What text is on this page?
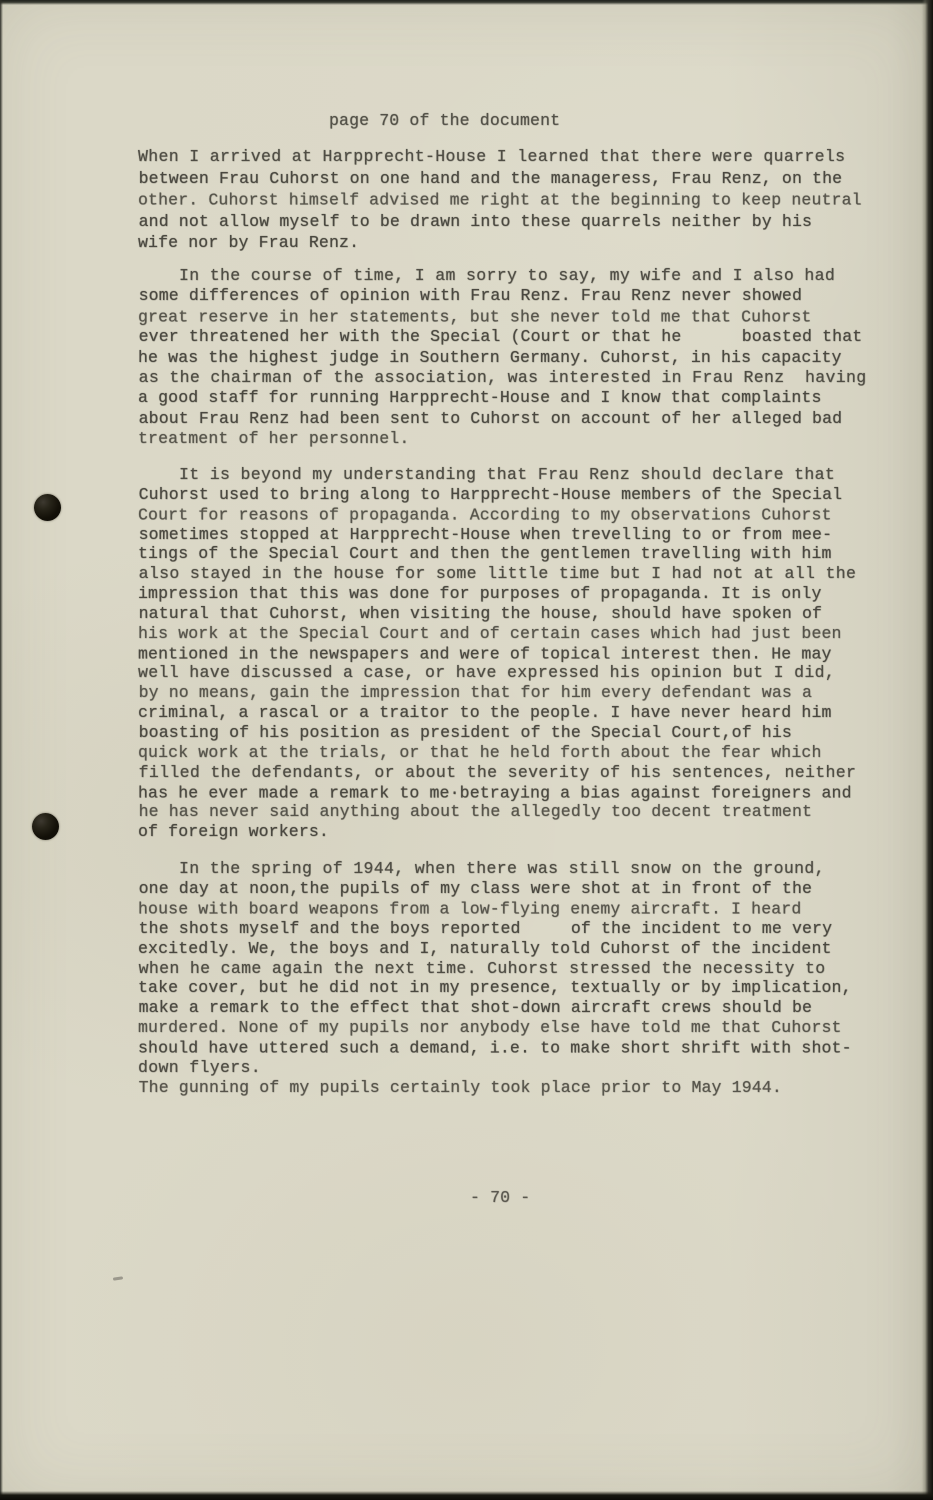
page 70 of the document
When I arrived at Harpprecht-House I learned that there were quarrels
between Frau Cuhorst on one hand and the manageress, Frau Renz, on the
other. Cuhorst himself advised me right at the beginning to keep neutral
and not allow myself to be drawn into these quarrels neither by his
wife nor by Frau Renz.
In the course of time, I am sorry to say, my wife and I also had
some differences of opinion with Frau Renz. Frau Renz never showed
great reserve in her statements, but she never told me that Cuhorst
ever threatened her with the Special (Court or that he      boasted that
he was the highest judge in Southern Germany. Cuhorst, in his capacity
as the chairman of the association, was interested in Frau Renz  having
a good staff for running Harpprecht-House and I know that complaints
about Frau Renz had been sent to Cuhorst on account of her alleged bad
treatment of her personnel.
It is beyond my understanding that Frau Renz should declare that
Cuhorst used to bring along to Harpprecht-House members of the Special
Court for reasons of propaganda. According to my observations Cuhorst
sometimes stopped at Harpprecht-House when trevelling to or from mee-
tings of the Special Court and then the gentlemen travelling with him
also stayed in the house for some little time but I had not at all the
impression that this was done for purposes of propaganda. It is only
natural that Cuhorst, when visiting the house, should have spoken of
his work at the Special Court and of certain cases which had just been
mentioned in the newspapers and were of topical interest then. He may
well have discussed a case, or have expressed his opinion but I did,
by no means, gain the impression that for him every defendant was a
criminal, a rascal or a traitor to the people. I have never heard him
boasting of his position as president of the Special Court,of his
quick work at the trials, or that he held forth about the fear which
filled the defendants, or about the severity of his sentences, neither
has he ever made a remark to me·betraying a bias against foreigners and
he has never said anything about the allegedly too decent treatment
of foreign workers.
In the spring of 1944, when there was still snow on the ground,
one day at noon,the pupils of my class were shot at in front of the
house with board weapons from a low-flying enemy aircraft. I heard
the shots myself and the boys reported     of the incident to me very
excitedly. We, the boys and I, naturally told Cuhorst of the incident
when he came again the next time. Cuhorst stressed the necessity to
take cover, but he did not in my presence, textually or by implication,
make a remark to the effect that shot-down aircraft crews should be
murdered. None of my pupils nor anybody else have told me that Cuhorst
should have uttered such a demand, i.e. to make short shrift with shot-
down flyers.
The gunning of my pupils certainly took place prior to May 1944.
- 70 -
